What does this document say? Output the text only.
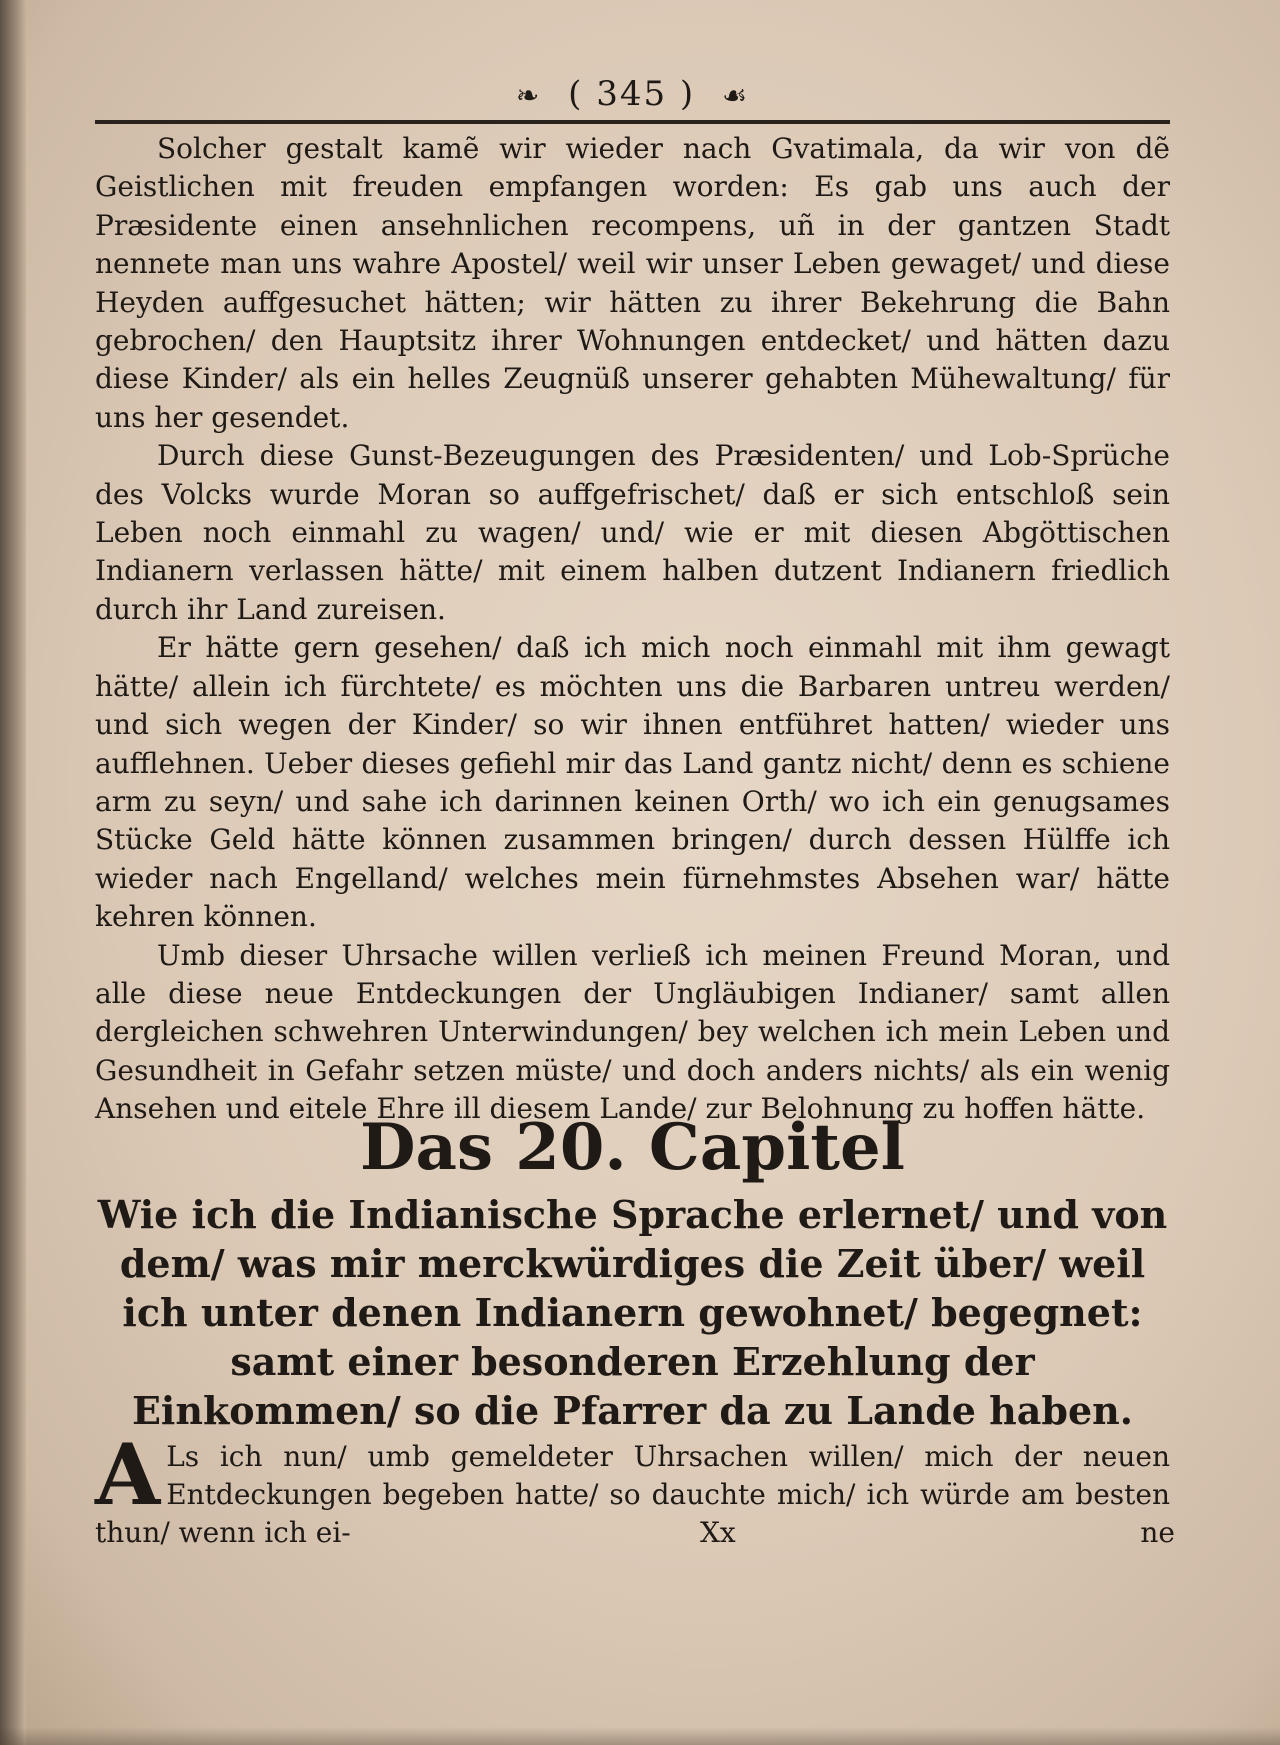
❧ ( 345 ) ☙

Solcher gestalt kamẽ wir wieder nach Gvatimala, da wir von dẽ Geistlichen mit freuden empfangen worden: Es gab uns auch der Præsidente einen ansehnlichen recompens, uñ in der gantzen Stadt nennete man uns wahre Apostel/ weil wir unser Leben gewaget/ und diese Heyden auffgesuchet hätten; wir hätten zu ihrer Bekehrung die Bahn gebrochen/ den Hauptsitz ihrer Wohnungen entdecket/ und hätten dazu diese Kinder/ als ein helles Zeugnüß unserer gehabten Mühewaltung/ für uns her gesendet.

Durch diese Gunst-Bezeugungen des Præsidenten/ und Lob-Sprüche des Volcks wurde Moran so auffgefrischet/ daß er sich entschloß sein Leben noch einmahl zu wagen/ und/ wie er mit diesen Abgöttischen Indianern verlassen hätte/ mit einem halben dutzent Indianern friedlich durch ihr Land zureisen.

Er hätte gern gesehen/ daß ich mich noch einmahl mit ihm gewagt hätte/ allein ich fürchtete/ es möchten uns die Barbaren untreu werden/ und sich wegen der Kinder/ so wir ihnen entführet hatten/ wieder uns aufflehnen. Ueber dieses gefiehl mir das Land gantz nicht/ denn es schiene arm zu seyn/ und sahe ich darinnen keinen Orth/ wo ich ein genugsames Stücke Geld hätte können zusammen bringen/ durch dessen Hülffe ich wieder nach Engelland/ welches mein fürnehmstes Absehen war/ hätte kehren können.

Umb dieser Uhrsache willen verließ ich meinen Freund Moran, und alle diese neue Entdeckungen der Ungläubigen Indianer/ samt allen dergleichen schwehren Unterwindungen/ bey welchen ich mein Leben und Gesundheit in Gefahr setzen müste/ und doch anders nichts/ als ein wenig Ansehen und eitele Ehre ill diesem Lande/ zur Belohnung zu hoffen hätte.

Das 20. Capitel
Wie ich die Indianische Sprache erlernet/ und von dem/ was mir merckwürdiges die Zeit über/ weil ich unter denen Indianern gewohnet/ begegnet: samt einer besonderen Erzehlung der Einkommen/ so die Pfarrer da zu Lande haben.
A Ls ich nun/ umb gemeldeter Uhrsachen willen/ mich der neuen Entdeckungen begeben hatte/ so dauchte mich/ ich würde am besten thun/ wenn ich ei-	Xx	ne
